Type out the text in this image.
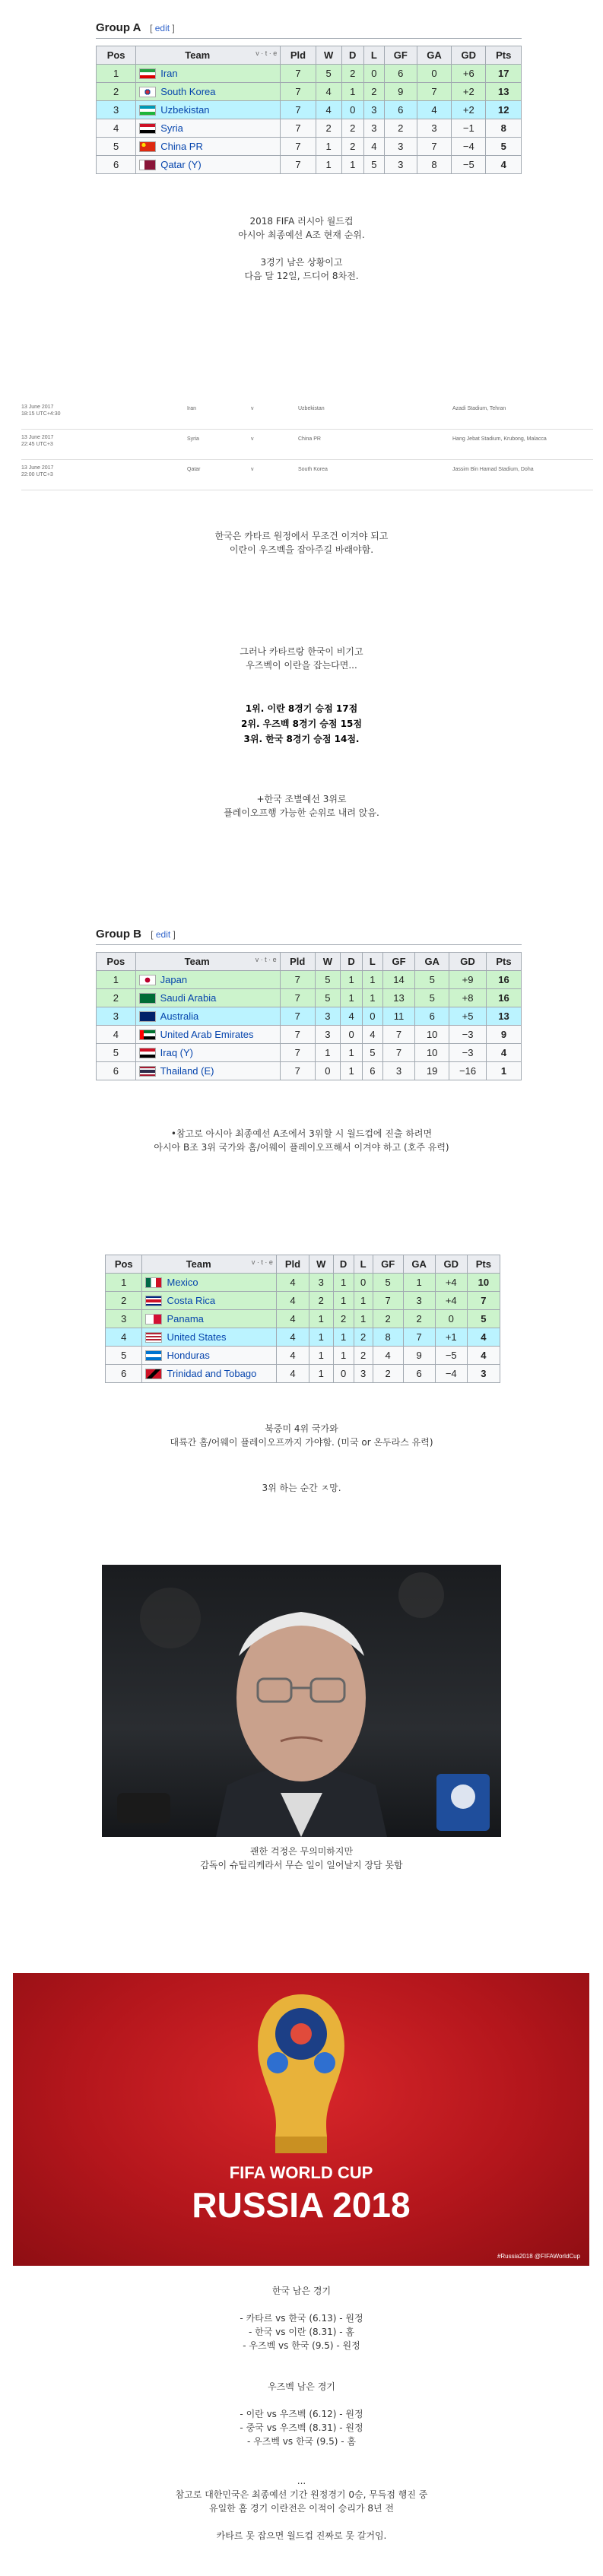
Group A [ edit ]
Pos	Team v · t · e	Pld	W	D	L	GF	GA	GD	Pts
1	Iran	7	5	2	0	6	0	+6	17
2	South Korea	7	4	1	2	9	7	+2	13
3	Uzbekistan	7	4	0	3	6	4	+2	12
4	Syria	7	2	2	3	2	3	−1	8
5	China PR	7	1	2	4	3	7	−4	5
6	Qatar (Y)	7	1	1	5	3	8	−5	4
2018 FIFA 러시아 월드컵
아시아 최종예선 A조 현재 순위.

3경기 남은 상황이고
다음 달 12일, 드디어 8차전.
13 June 2017
18:15 UTC+4:30
Iran	Uzbekistan	Azadi Stadium, Tehran
v
13 June 2017
22:45 UTC+3
Syria	China PR	Hang Jebat Stadium, Krubong, Malacca
v
13 June 2017
22:00 UTC+3
Qatar	South Korea	Jassim Bin Hamad Stadium, Doha
v
한국은 카타르 원정에서 무조건 이겨야 되고
이란이 우즈벡을 잡아주길 바래야함.
그러나 카타르랑 한국이 비기고
우즈벡이 이란을 잡는다면...
1위. 이란 8경기 승점 17점
2위. 우즈벡 8경기 승점 15점
3위. 한국 8경기 승점 14점.
+한국 조별예선 3위로
플레이오프행 가능한 순위로 내려 앉음.
Group B [ edit ]
Pos	Team v · t · e	Pld	W	D	L	GF	GA	GD	Pts
1	Japan	7	5	1	1	14	5	+9	16
2	Saudi Arabia	7	5	1	1	13	5	+8	16
3	Australia	7	3	4	0	11	6	+5	13
4	United Arab Emirates	7	3	0	4	7	10	−3	9
5	Iraq (Y)	7	1	1	5	7	10	−3	4
6	Thailand (E)	7	0	1	6	3	19	−16	1
•참고로 아시아 최종예선 A조에서 3위할 시 월드컵에 진출 하려면
아시아 B조 3위 국가와 홈/어웨이 플레이오프해서 이겨야 하고 (호주 유력)
Pos	Team v · t · e	Pld	W	D	L	GF	GA	GD	Pts
1	Mexico	4	3	1	0	5	1	+4	10
2	Costa Rica	4	2	1	1	7	3	+4	7
3	Panama	4	1	2	1	2	2	0	5
4	United States	4	1	1	2	8	7	+1	4
5	Honduras	4	1	1	2	4	9	−5	4
6	Trinidad and Tobago	4	1	0	3	2	6	−4	3
북중미 4위 국가와
대륙간 홈/어웨이 플레이오프까지 가야함. (미국 or 온두라스 유력)
3위 하는 순간 ㅈ망.
괜한 걱정은 무의미하지만
감독이 슈틸리케라서 무슨 일이 일어날지 장담 못함
FIFA WORLD CUP
RUSSIA 2018
#Russia2018 @FIFAWorldCup
한국 남은 경기
- 카타르 vs 한국 (6.13) - 원정
- 한국 vs 이란 (8.31) - 홈
- 우즈벡 vs 한국 (9.5) - 원정
우즈벡 남은 경기
- 이란 vs 우즈벡 (6.12) - 원정
- 중국 vs 우즈벡 (8.31) - 원정
- 우즈벡 vs 한국 (9.5) - 홈
...
참고로 대한민국은 최종예선 기간 원정경기 0승, 무득점 행진 중
유일한 홈 경기 이란전은 이적이 승리가 8년 전

카타르 못 잡으면 월드컵 진짜로 못 갈거임.
